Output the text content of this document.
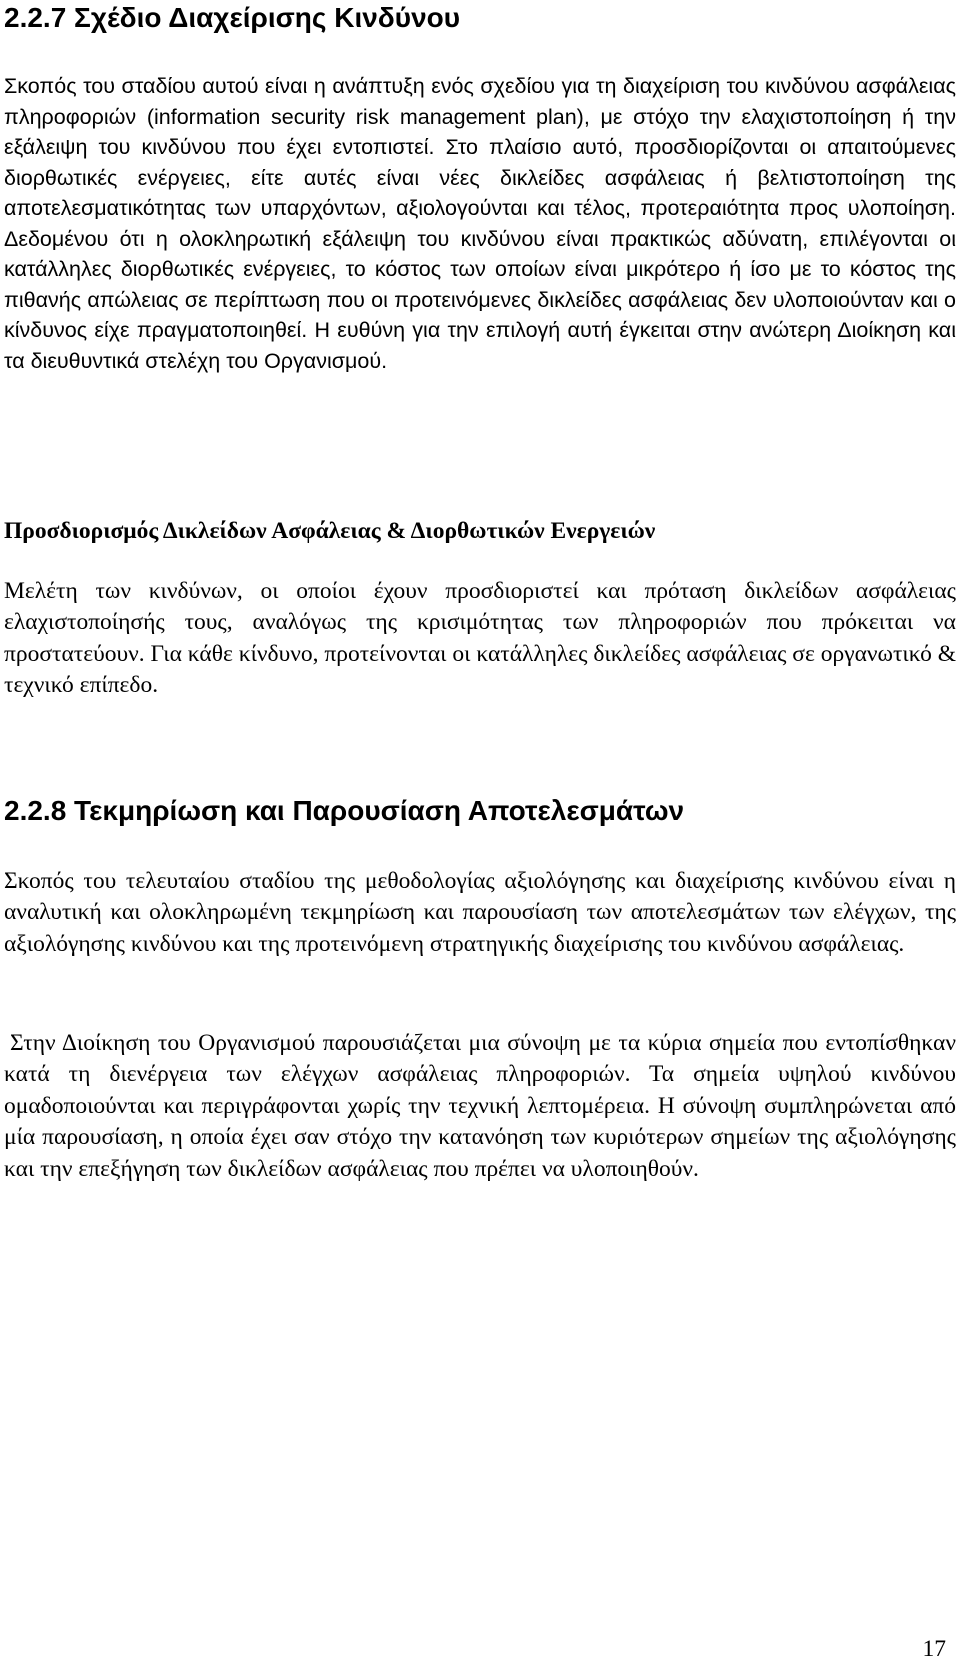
2.2.7 Σχέδιο Διαχείρισης Κινδύνου

Σκοπός του σταδίου αυτού είναι η ανάπτυξη ενός σχεδίου για τη διαχείριση του κινδύνου ασφάλειας πληροφοριών (information security risk management plan), με στόχο την ελαχιστοποίηση ή την εξάλειψη του κινδύνου που έχει εντοπιστεί. Στο πλαίσιο αυτό, προσδιορίζονται οι απαιτούμενες διορθωτικές ενέργειες, είτε αυτές είναι νέες δικλείδες ασφάλειας ή βελτιστοποίηση της αποτελεσματικότητας των υπαρχόντων, αξιολογούνται και τέλος, προτεραιότητα προς υλοποίηση. Δεδομένου ότι η ολοκληρωτική εξάλειψη του κινδύνου είναι πρακτικώς αδύνατη, επιλέγονται οι κατάλληλες διορθωτικές ενέργειες, το κόστος των οποίων είναι μικρότερο ή ίσο με το κόστος της πιθανής απώλειας σε περίπτωση που οι προτεινόμενες δικλείδες ασφάλειας δεν υλοποιούνταν και ο κίνδυνος είχε πραγματοποιηθεί. Η ευθύνη για την επιλογή αυτή έγκειται στην ανώτερη Διοίκηση και τα διευθυντικά στελέχη του Οργανισμού.

Προσδιορισμός Δικλείδων Ασφάλειας & Διορθωτικών Ενεργειών

Μελέτη των κινδύνων, οι οποίοι έχουν προσδιοριστεί και πρόταση δικλείδων ασφάλειας ελαχιστοποίησής τους, αναλόγως της κρισιμότητας των πληροφοριών που πρόκειται να προστατεύουν. Για κάθε κίνδυνο, προτείνονται οι κατάλληλες δικλείδες ασφάλειας σε οργανωτικό & τεχνικό επίπεδο.

2.2.8 Τεκμηρίωση και Παρουσίαση Αποτελεσμάτων

Σκοπός του τελευταίου σταδίου της μεθοδολογίας αξιολόγησης και διαχείρισης κινδύνου είναι η αναλυτική και ολοκληρωμένη τεκμηρίωση και παρουσίαση των αποτελεσμάτων των ελέγχων, της αξιολόγησης κινδύνου και της προτεινόμενη στρατηγικής διαχείρισης του κινδύνου ασφάλειας.

Στην Διοίκηση του Οργανισμού παρουσιάζεται μια σύνοψη με τα κύρια σημεία που εντοπίσθηκαν κατά τη διενέργεια των ελέγχων ασφάλειας πληροφοριών. Τα σημεία υψηλού κινδύνου ομαδοποιούνται και περιγράφονται χωρίς την τεχνική λεπτομέρεια. Η σύνοψη συμπληρώνεται από μία παρουσίαση, η οποία έχει σαν στόχο την κατανόηση των κυριότερων σημείων της αξιολόγησης και την επεξήγηση των δικλείδων ασφάλειας που πρέπει να υλοποιηθούν.

17
